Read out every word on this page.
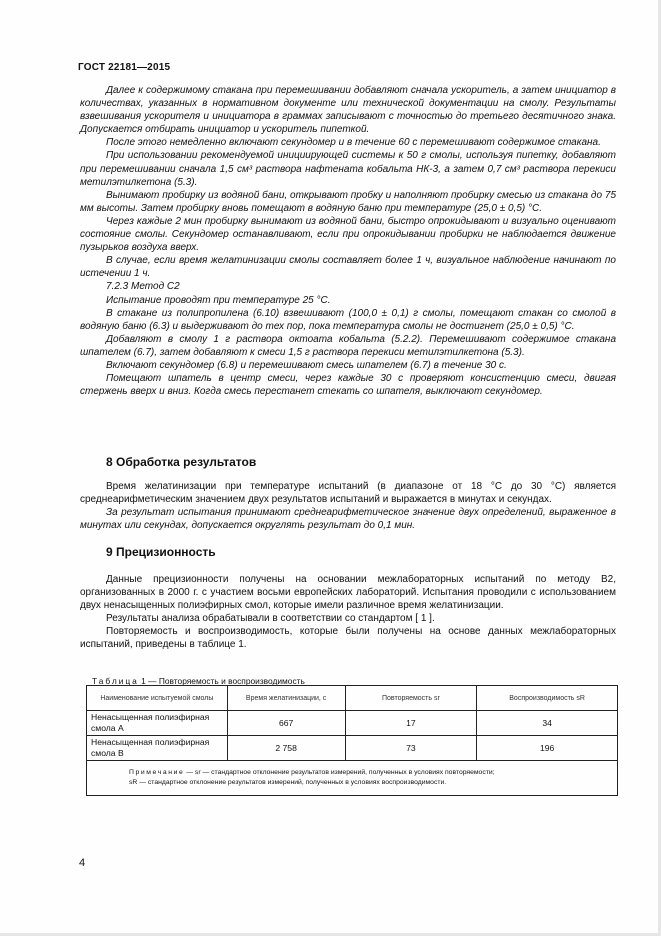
ГОСТ 22181—2015

Далее к содержимому стакана при перемешивании добавляют сначала ускоритель, а затем инициатор в количествах, указанных в нормативном документе или технической документации на смолу. Результаты взвешивания ускорителя и инициатора в граммах записывают с точностью до третьего десятичного знака. Допускается отбирать инициатор и ускоритель пипеткой.

После этого немедленно включают секундомер и в течение 60 с перемешивают содержимое стакана.

При использовании рекомендуемой инициирующей системы к 50 г смолы, используя пипетку, добавляют при перемешивании сначала 1,5 см³ раствора нафтената кобальта НК-3, а затем 0,7 см³ раствора перекиси метилэтилкетона (5.3).

Вынимают пробирку из водяной бани, открывают пробку и наполняют пробирку смесью из стакана до 75 мм высоты. Затем пробирку вновь помещают в водяную баню при температуре (25,0 ± 0,5) °С.

Через каждые 2 мин пробирку вынимают из водяной бани, быстро опрокидывают и визуально оценивают состояние смолы. Секундомер останавливают, если при опрокидывании пробирки не наблюдается движение пузырьков воздуха вверх.

В случае, если время желатинизации смолы составляет более 1 ч, визуальное наблюдение начинают по истечении 1 ч.

7.2.3 Метод С2

Испытание проводят при температуре 25 °С.

В стакане из полипропилена (6.10) взвешивают (100,0 ± 0,1) г смолы, помещают стакан со смолой в водяную баню (6.3) и выдерживают до тех пор, пока температура смолы не достигнет (25,0 ± 0,5) °С.

Добавляют в смолу 1 г раствора октоата кобальта (5.2.2). Перемешивают содержимое стакана шпателем (6.7), затем добавляют к смеси 1,5 г раствора перекиси метилэтилкетона (5.3).

Включают секундомер (6.8) и перемешивают смесь шпателем (6.7) в течение 30 с.

Помещают шпатель в центр смеси, через каждые 30 с проверяют консистенцию смеси, двигая стержень вверх и вниз. Когда смесь перестанет стекать со шпателя, выключают секундомер.

8 Обработка результатов

Время желатинизации при температуре испытаний (в диапазоне от 18 °С до 30 °С) является среднеарифметическим значением двух результатов испытаний и выражается в минутах и секундах.

За результат испытания принимают среднеарифметическое значение двух определений, выраженное в минутах или секундах, допускается округлять результат до 0,1 мин.

9 Прецизионность

Данные прецизионности получены на основании межлабораторных испытаний по методу В2, организованных в 2000 г. с участием восьми европейских лабораторий. Испытания проводили с использованием двух ненасыщенных полиэфирных смол, которые имели различное время желатинизации.

Результаты анализа обрабатывали в соответствии со стандартом [ 1 ].

Повторяемость и воспроизводимость, которые были получены на основе данных межлабораторных испытаний, приведены в таблице 1.

Таблица 1 — Повторяемость и воспроизводимость
Наименование испытуемой смолы	Время желатинизации, с	Повторяемость sr	Воспроизводимость sR
Ненасыщенная полиэфирная смола А	667	17	34
Ненасыщенная полиэфирная смола В	2 758	73	196

Примечание — sr — стандартное отклонение результатов измерений, полученных в условиях повторяемости;
sR — стандартное отклонение результатов измерений, полученных в условиях воспроизводимости.			
4
